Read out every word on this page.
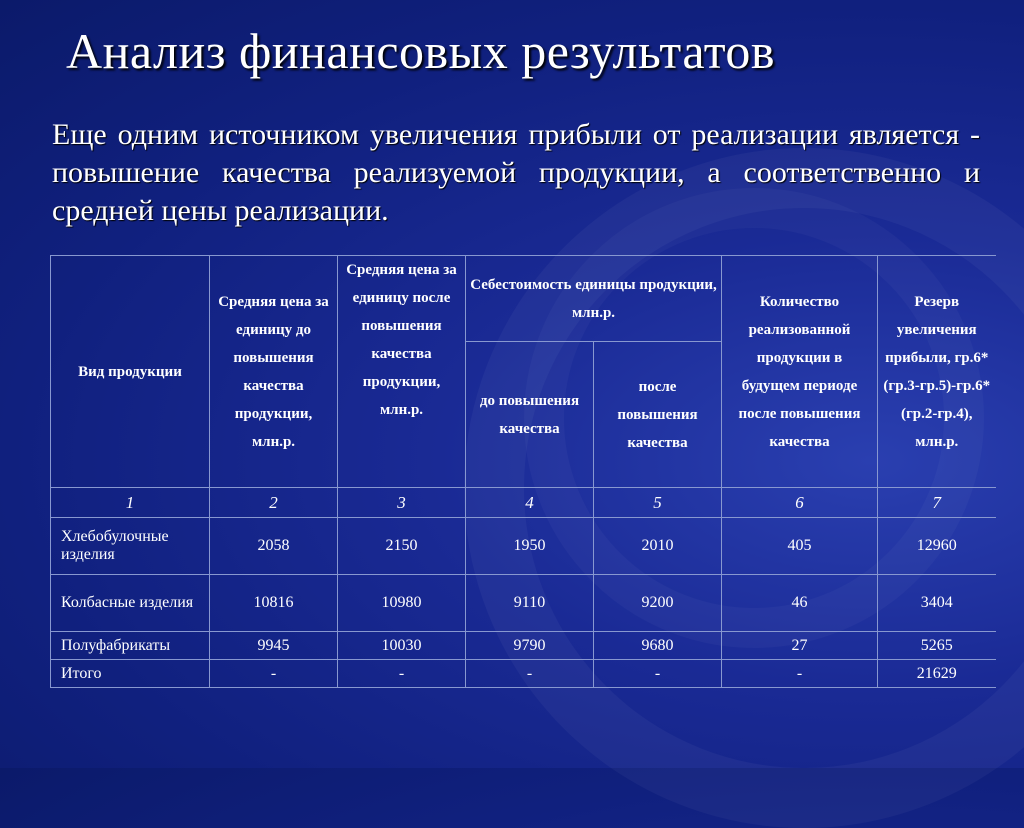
Анализ финансовых результатов
Еще одним источником увеличения прибыли от реализации является - повышение качества реализуемой продукции, а соответственно и средней цены реализации.
Вид продукции	Средняя цена за единицу до повышения качества продукции, млн.р.	Средняя цена за единицу после повышения качества продукции, млн.р.	Себестоимость единицы продукции, млн.р.		Количество реализованной продукции в будущем периоде после повышения качества	Резерв увеличения прибыли, гр.6*(гр.3-гр.5)-гр.6*(гр.2-гр.4), млн.р.
			до повышения качества	после повышения качества		
1	2	3	4	5	6	7
Хлебобулочные изделия	2058	2150	1950	2010	405	12960
Колбасные изделия	10816	10980	9110	9200	46	3404
Полуфабрикаты	9945	10030	9790	9680	27	5265
Итого	-	-	-	-	-	21629
